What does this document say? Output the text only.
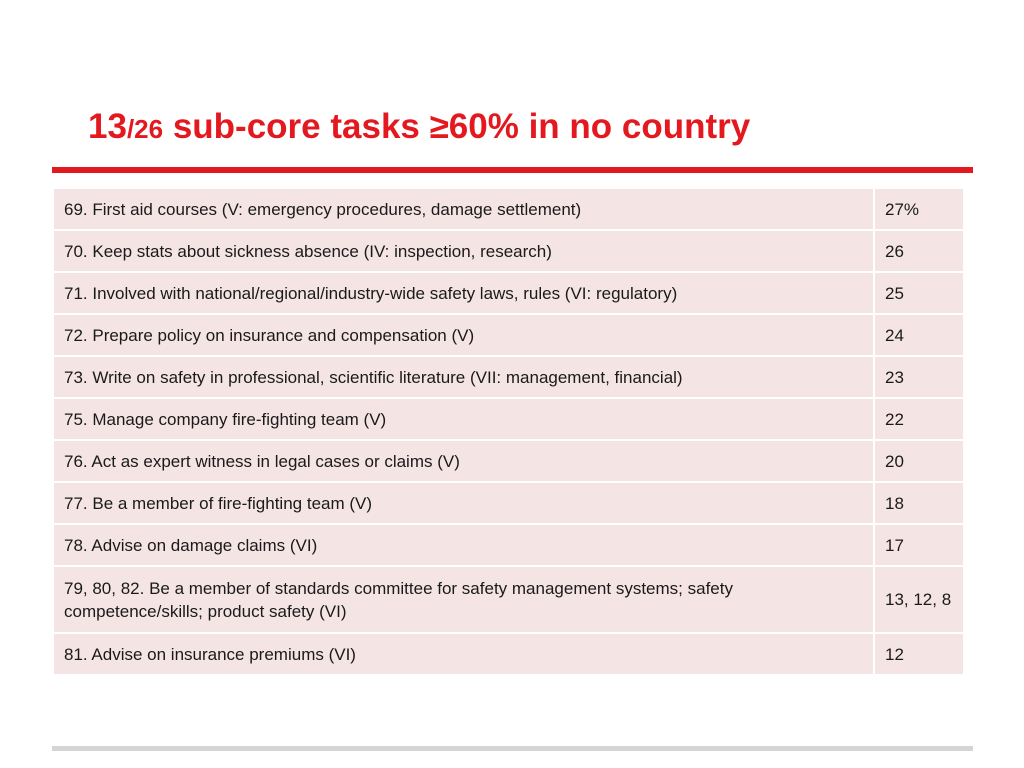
13/26 sub-core tasks ≥60% in no country
69. First aid courses (V: emergency procedures, damage settlement)	27%
70. Keep stats about sickness absence (IV: inspection, research)	26
71. Involved with national/regional/industry-wide safety laws, rules (VI: regulatory)	25
72. Prepare policy on insurance and compensation (V)	24
73. Write on safety in professional, scientific literature (VII: management, financial)	23
75. Manage company fire-fighting team (V)	22
76. Act as expert witness in legal cases or claims (V)	20
77. Be a member of fire-fighting team (V)	18
78. Advise on damage claims (VI)	17
79, 80, 82. Be a member of standards committee for safety management systems; safety competence/skills; product safety (VI)	13, 12, 8
81. Advise on insurance premiums (VI)	12
